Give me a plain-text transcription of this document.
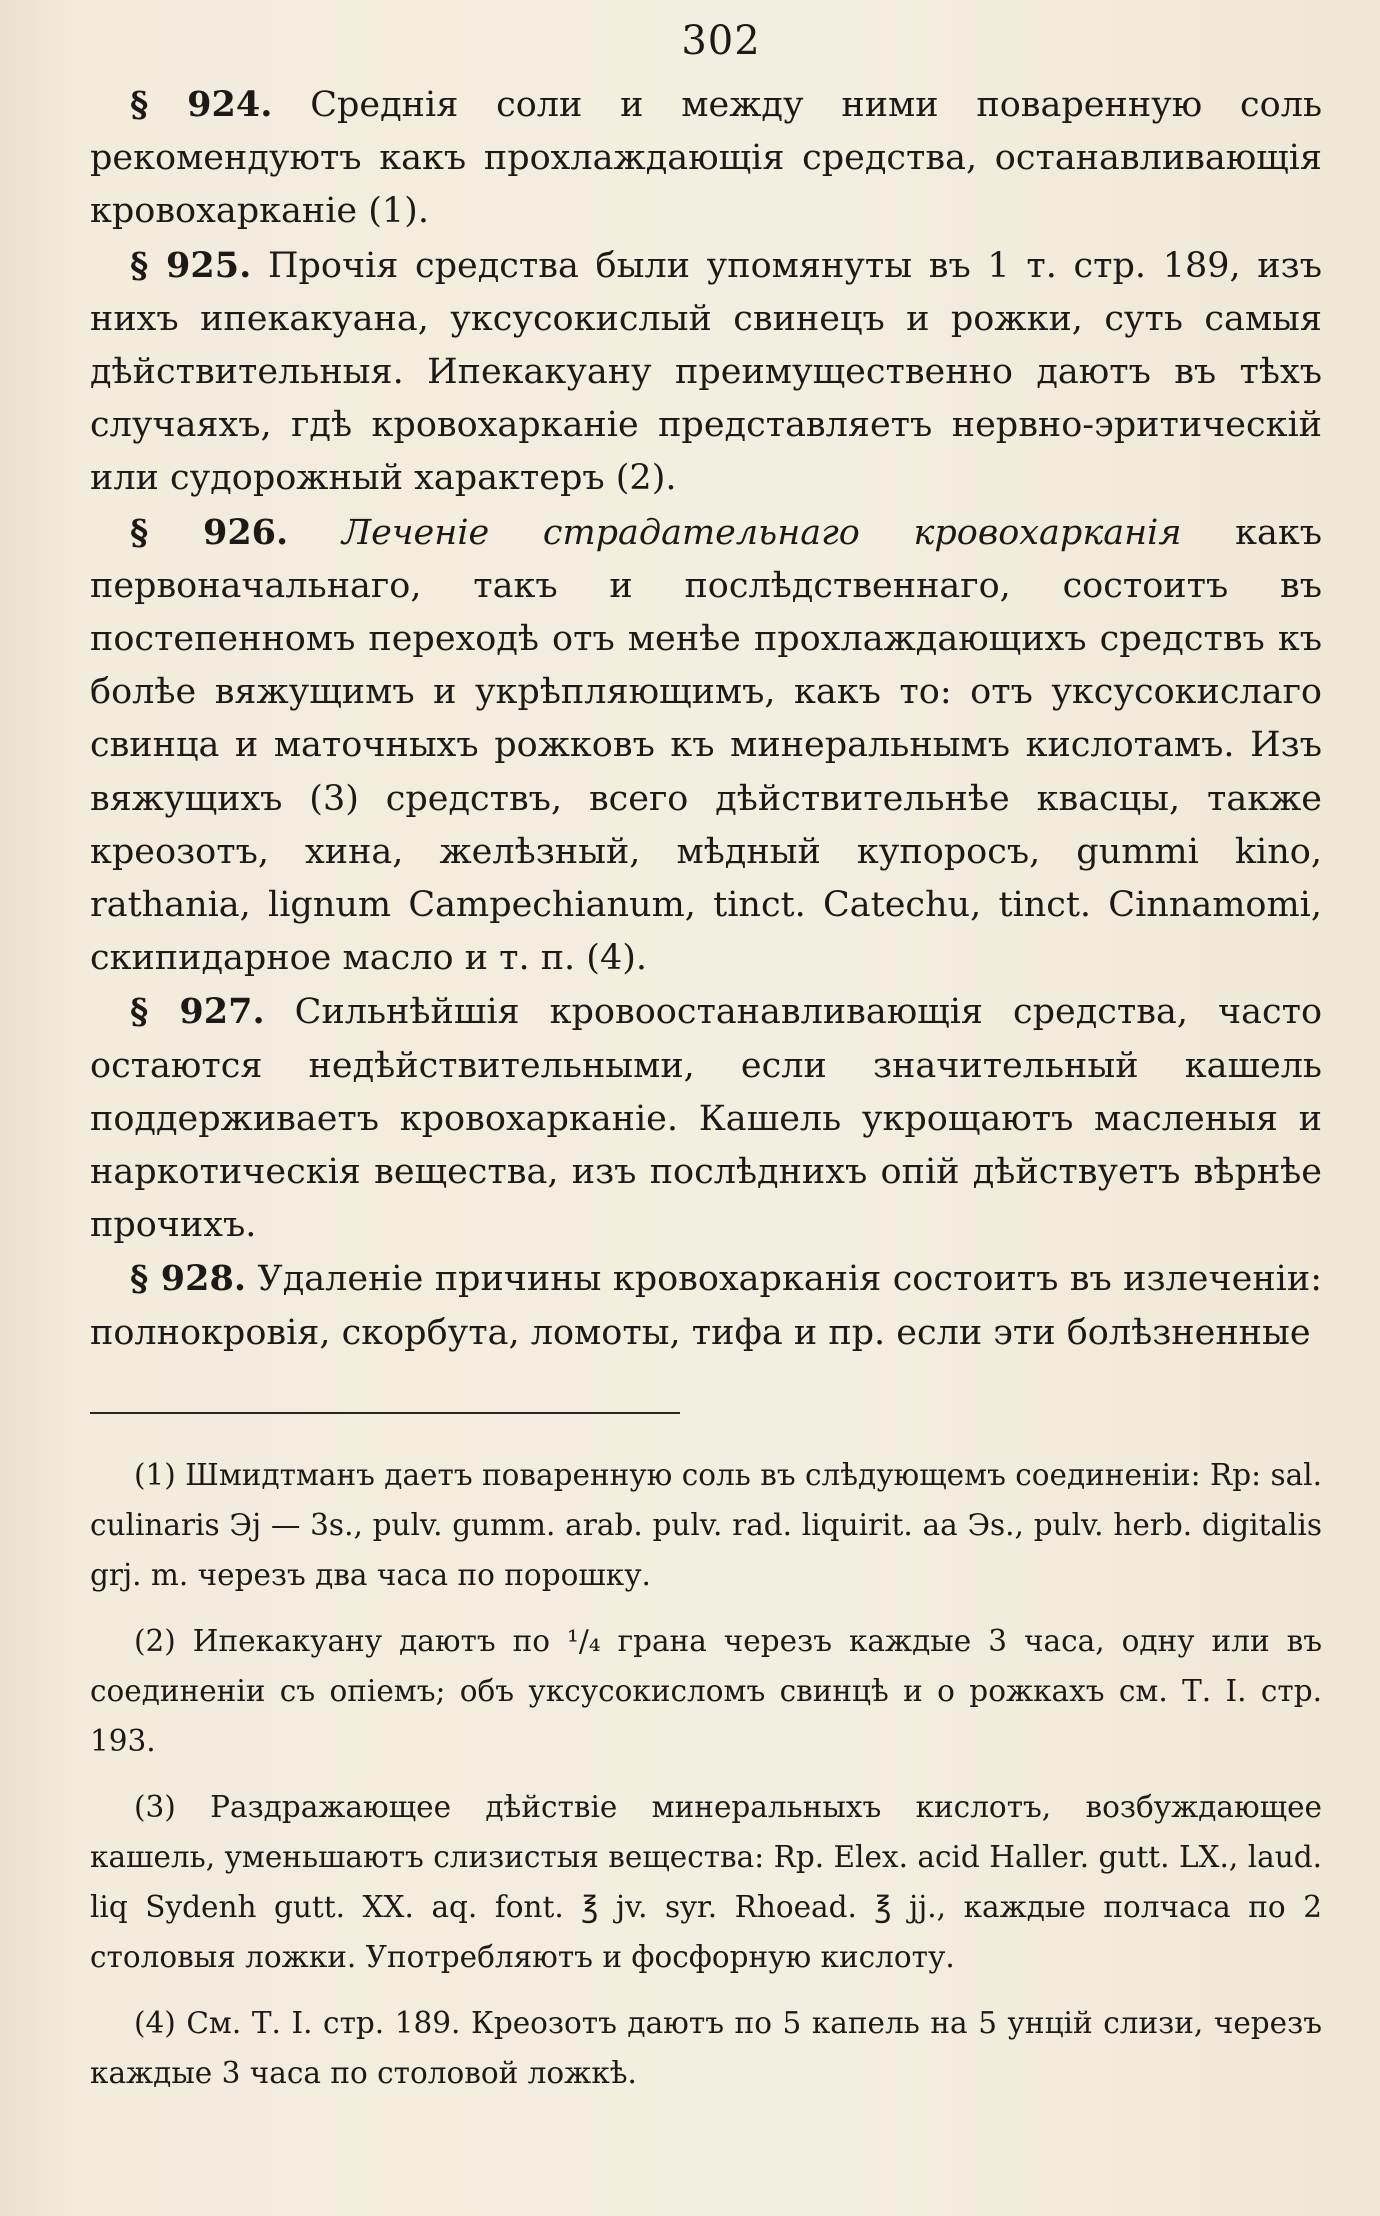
302

§ 924. Среднія соли и между ними поваренную соль рекомендуютъ какъ прохлаждающія средства, останавливающія кровохарканіе (1).

§ 925. Прочія средства были упомянуты въ 1 т. стр. 189, изъ нихъ ипекакуана, уксусокислый свинецъ и рожки, суть самыя дѣйствительныя. Ипекакуану преимущественно даютъ въ тѣхъ случаяхъ, гдѣ кровохарканіе представляетъ нервно-эритическій или судорожный характеръ (2).

§ 926. Леченіе страдательнаго кровохарканія какъ первоначальнаго, такъ и послѣдственнаго, состоитъ въ постепенномъ переходѣ отъ менѣе прохлаждающихъ средствъ къ болѣе вяжущимъ и укрѣпляющимъ, какъ то: отъ уксусокислаго свинца и маточныхъ рожковъ къ минеральнымъ кислотамъ. Изъ вяжущихъ (3) средствъ, всего дѣйствительнѣе квасцы, также креозотъ, хина, желѣзный, мѣдный купоросъ, gummi kino, rathania, lignum Campechianum, tinct. Catechu, tinct. Cinnamomi, скипидарное масло и т. п. (4).

§ 927. Сильнѣйшія кровоостанавливающія средства, часто остаются недѣйствительными, если значительный кашель поддерживаетъ кровохарканіе. Кашель укрощаютъ масленыя и наркотическія вещества, изъ послѣднихъ опій дѣйствуетъ вѣрнѣе прочихъ.

§ 928. Удаленіе причины кровохарканія состоитъ въ излеченіи: полнокровія, скорбута, ломоты, тифа и пр. если эти болѣзненные

(1) Шмидтманъ даетъ поваренную соль въ слѣдующемъ соединеніи: Rp: sal. culinaris Эj — 3s., pulv. gumm. arab. pulv. rad. liquirit. aa Эs., pulv. herb. digitalis grj. m. черезъ два часа по порошку.

(2) Ипекакуану даютъ по ¹/₄ грана черезъ каждые 3 часа, одну или въ соединеніи съ опіемъ; объ уксусокисломъ свинцѣ и о рожкахъ см. Т. I. стр. 193.

(3) Раздражающее дѣйствіе минеральныхъ кислотъ, возбуждающее кашель, уменьшаютъ слизистыя вещества: Rp. Elex. acid Haller. gutt. LX., laud. liq Sydenh gutt. XX. aq. font. ℥ jv. syr. Rhoead. ℥ jj., каждые полчаса по 2 столовыя ложки. Употребляютъ и фосфорную кислоту.

(4) См. Т. I. стр. 189. Креозотъ даютъ по 5 капель на 5 унцій слизи, черезъ каждые 3 часа по столовой ложкѣ.
